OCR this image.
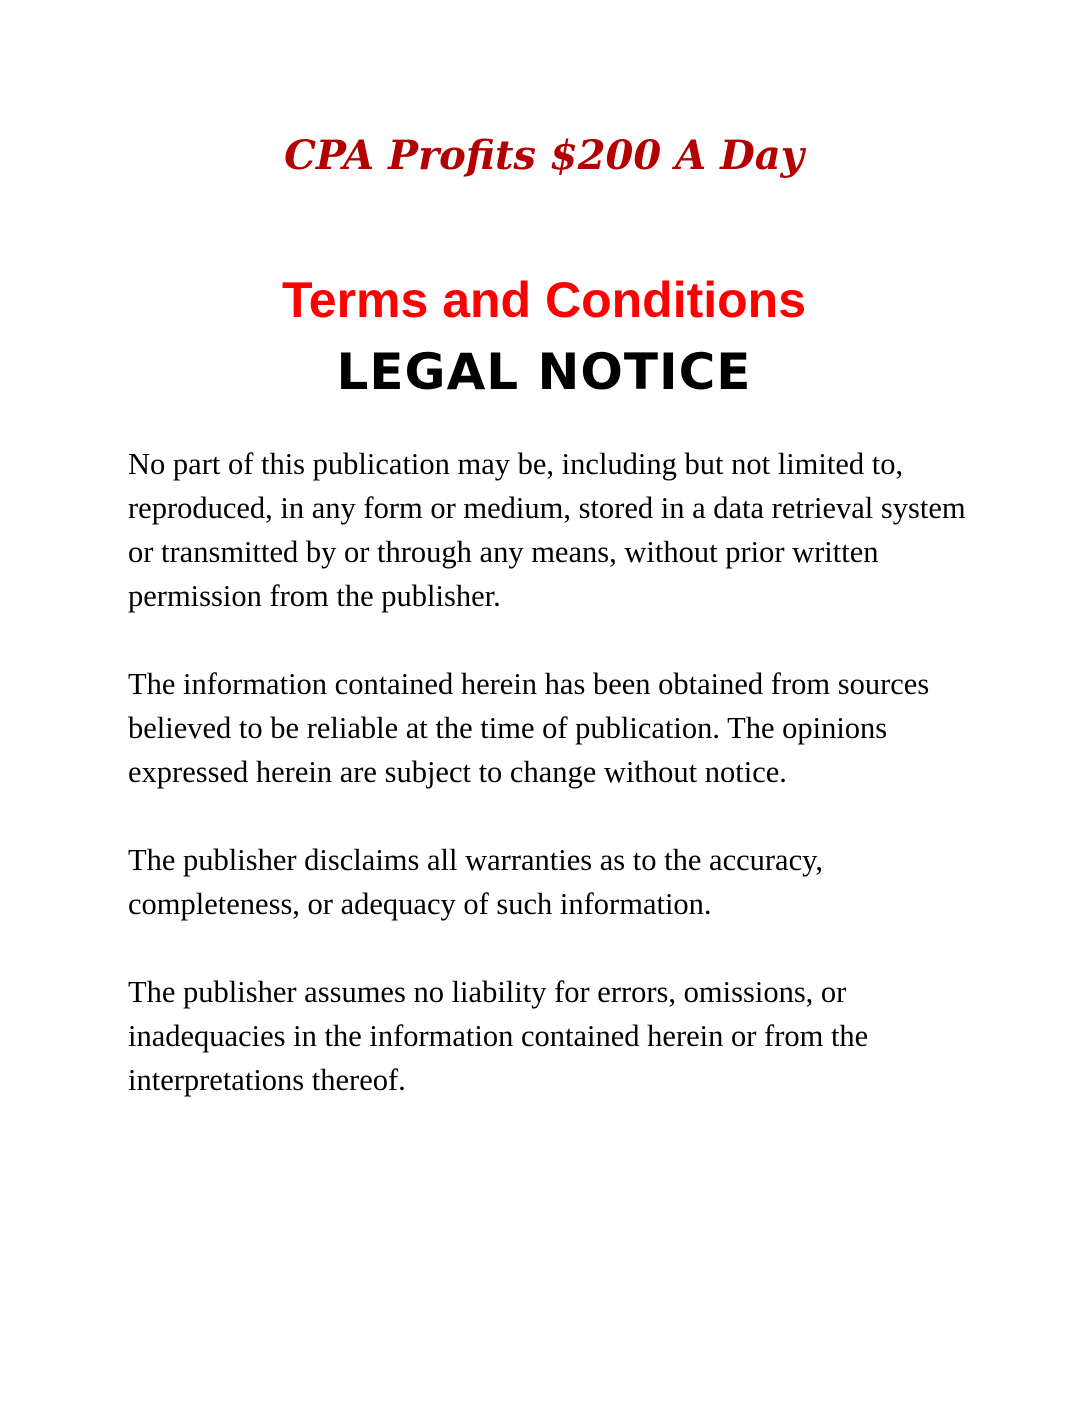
CPA Profits $200 A Day
Terms and Conditions
LEGAL NOTICE

No part of this publication may be, including but not limited to, reproduced, in any form or medium, stored in a data retrieval system or transmitted by or through any means, without prior written permission from the publisher.

The information contained herein has been obtained from sources believed to be reliable at the time of publication. The opinions expressed herein are subject to change without notice.

The publisher disclaims all warranties as to the accuracy, completeness, or adequacy of such information.

The publisher assumes no liability for errors, omissions, or inadequacies in the information contained herein or from the interpretations thereof.
